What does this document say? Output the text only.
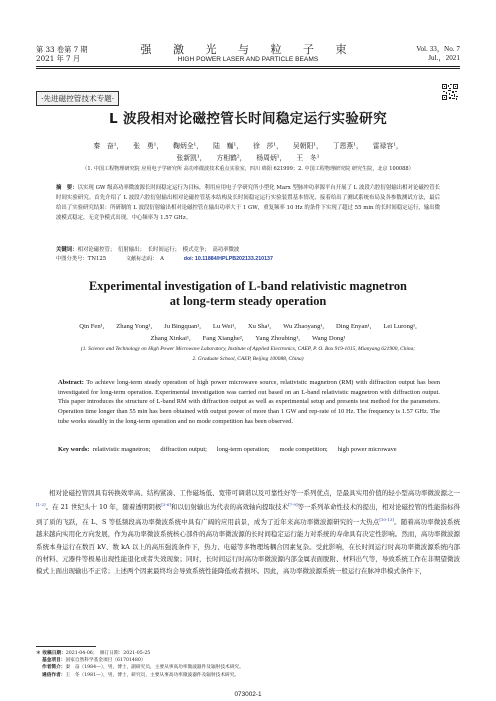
第 33 卷第 7 期
2021 年 7 月
强 激 光 与 粒 子 束
HIGH POWER LASER AND PARTICLE BEAMS
Vol. 33，No. 7
Jul.，2021
·先进磁控管技术专题·
L 波段相对论磁控管长时间稳定运行实验研究
秦　奋¹， 张　勇¹， 鞠炳全¹， 陆　巍¹， 徐　莎¹， 吴朝阳¹， 丁恩燕¹， 雷禄容¹，
张新凯¹， 方相鹤²， 杨周炳¹， 王　冬¹
（1. 中国工程物理研究院 应用电子学研究所 高功率微波技术重点实验室，四川 绵阳 621999；2. 中国工程物理研究院 研究生院，北京 100088）
摘　要：以实现 GW 级高功率微波源长时间稳定运行为目标，利用应用电子学研究所小型化 Marx 型脉冲功率源平台开展了 L 波段六腔衍射输出相对论磁控管长时间实验研究。首先介绍了 L 波段六腔衍射输出相对论磁控管基本结构及长时间稳定运行实验装置基本情况，接着给出了测试系统布局及各参数测试方法，最后给出了实验研究结果：所研制的 L 波段衍射输出相对论磁控管在输出功率大于 1 GW，重复频率 10 Hz 的条件下实现了超过 55 min 的长时间稳定运行，输出微波模式稳定，无竞争模式出现，中心频率为 1.57 GHz。
关键词：相对论磁控管；　衍射输出；　长时间运行；　模式竞争；　高功率微波
中图分类号：TN125	文献标志码：　A	doi: 10.11884/HPLPB202133.210137
Experimental investigation of L-band relativistic magnetron
at long-term steady operation
Qin Fen¹, Zhang Yong¹, Ju Bingquan¹, Lu Wei¹, Xu Sha¹, Wu Zhaoyang¹, Ding Enyan¹, Lei Lurong¹,
Zhang Xinkai¹, Fang Xianghe², Yang Zhoubing¹, Wang Dong¹
(1. Science and Technology on High Power Microwave Laboratory, Institute of Applied Electronics, CAEP, P. O. Box 919-1015, Mianyang 621900, China;
2. Graduate School, CAEP, Beijing 100088, China)
Abstract: To achieve long-term steady operation of high power microwave source, relativistic magnetron (RM) with diffraction output has been investigated for long-term operation. Experimental investigation was carried out based on an L-band relativistic magnetron with diffraction output. This paper introduces the structure of L-band RM with diffraction output as well as experimental setup and presents test method for the parameters. Operation time longer than 55 min has been obtained with output power of more than 1 GW and rep-rate of 10 Hz. The frequency is 1.57 GHz. The tube works steadily in the long-term operation and no mode competition has been observed.
Key words: relativistic magnetron; diffraction output; long-term operation; mode competition; high power microwave
相对论磁控管因具有转换效率高、结构紧凑、工作磁场低、宽带可调谐以及可靠性好等一系列优点，是最具实用价值的轻小型高功率微波源之一[1-2]。在 21 世纪头十 10 年，随着透明阴极[3-6]和以衍射输出为代表的高效轴向提取技术[7-9]等一系列革命性技术的提出，相对论磁控管的性能指标得到了质的飞跃，在 L、S 等低频段高功率微波系统中具有广阔的应用前景，成为了近年来高功率微波源研究的一大热点[10-13]。随着高功率微波系统越来越向实用化方向发展，作为高功率微波系统核心部件的高功率微波源的长时间稳定运行能力对系统的寿命具有决定性影响。然而，高功率微波源系统本身运行在数百 kV、数 kA 以上的高压强流条件下，热力、电磁等多物理场耦合因素复杂。受此影响，在长时间运行时高功率微波源系统内部的材料、元器件等极易出现性能退化或者失效现象；同时，长时间运行时高功率微波源内部金属表面脱附、材料出气等，导致系统工作在非期望微波模式上面出现输出不正常；上述两个因素最终均会导致系统性能降低或者损坏。因此，高功率微波源系统一般运行在脉冲串模式条件下，
＊ 收稿日期：2021-04-06；　修订日期：2021-05-25
基金项目：国家自然科学基金项目（61701480）
作者简介：秦　奋（1984—），男，博士，副研究员，主要从事高功率微波器件及辐射技术研究。
通信作者：王　冬（1981—），男，博士，研究员，主要从事高功率微波器件及辐射技术研究。
073002-1
